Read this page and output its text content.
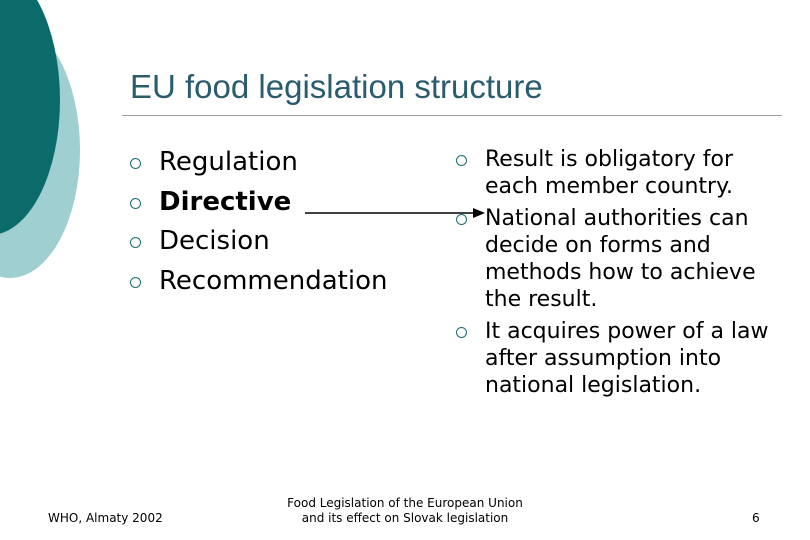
EU food legislation structure
Regulation
Directive
Decision
Recommendation
Result is obligatory for each member country.
National authorities can decide on forms and methods how to achieve the result.
It acquires power of a law after assumption into national legislation.
WHO, Almaty 2002
Food Legislation of the European Union
and its effect on Slovak legislation	6
